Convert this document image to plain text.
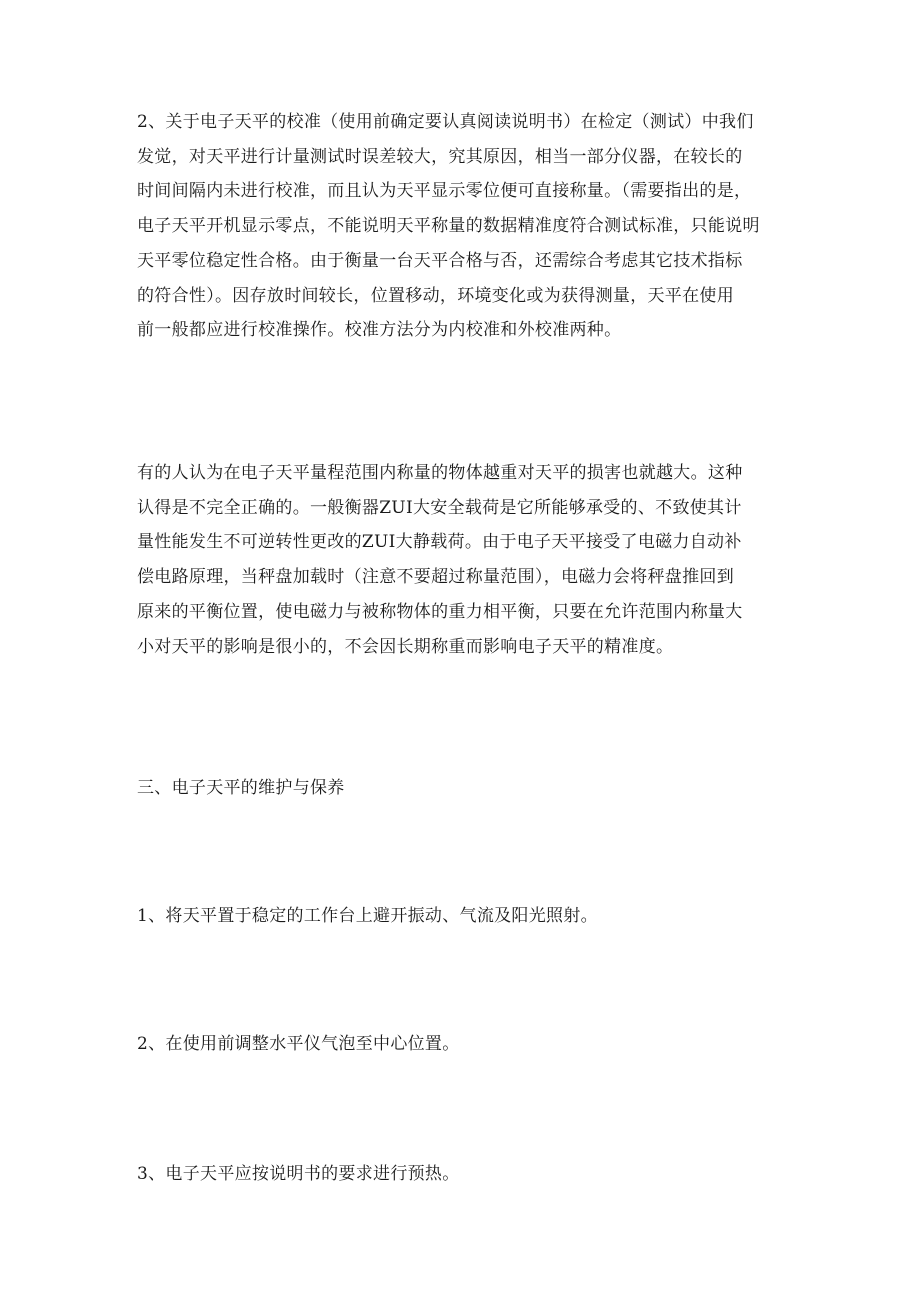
2、关于电子天平的校准（使用前确定要认真阅读说明书）在检定（测试）中我们
发觉，对天平进行计量测试时误差较大，究其原因，相当一部分仪器，在较长的
时间间隔内未进行校准，而且认为天平显示零位便可直接称量。（需要指出的是，
电子天平开机显示零点，不能说明天平称量的数据精准度符合测试标准，只能说明
天平零位稳定性合格。由于衡量一台天平合格与否，还需综合考虑其它技术指标
的符合性）。因存放时间较长，位置移动，环境变化或为获得测量，天平在使用
前一般都应进行校准操作。校准方法分为内校准和外校准两种。

有的人认为在电子天平量程范围内称量的物体越重对天平的损害也就越大。这种
认得是不完全正确的。一般衡器ZUI大安全载荷是它所能够承受的、不致使其计
量性能发生不可逆转性更改的ZUI大静载荷。由于电子天平接受了电磁力自动补
偿电路原理，当秤盘加载时（注意不要超过称量范围），电磁力会将秤盘推回到
原来的平衡位置，使电磁力与被称物体的重力相平衡，只要在允许范围内称量大
小对天平的影响是很小的，不会因长期称重而影响电子天平的精准度。

三、电子天平的维护与保养

1、将天平置于稳定的工作台上避开振动、气流及阳光照射。

2、在使用前调整水平仪气泡至中心位置。

3、电子天平应按说明书的要求进行预热。
